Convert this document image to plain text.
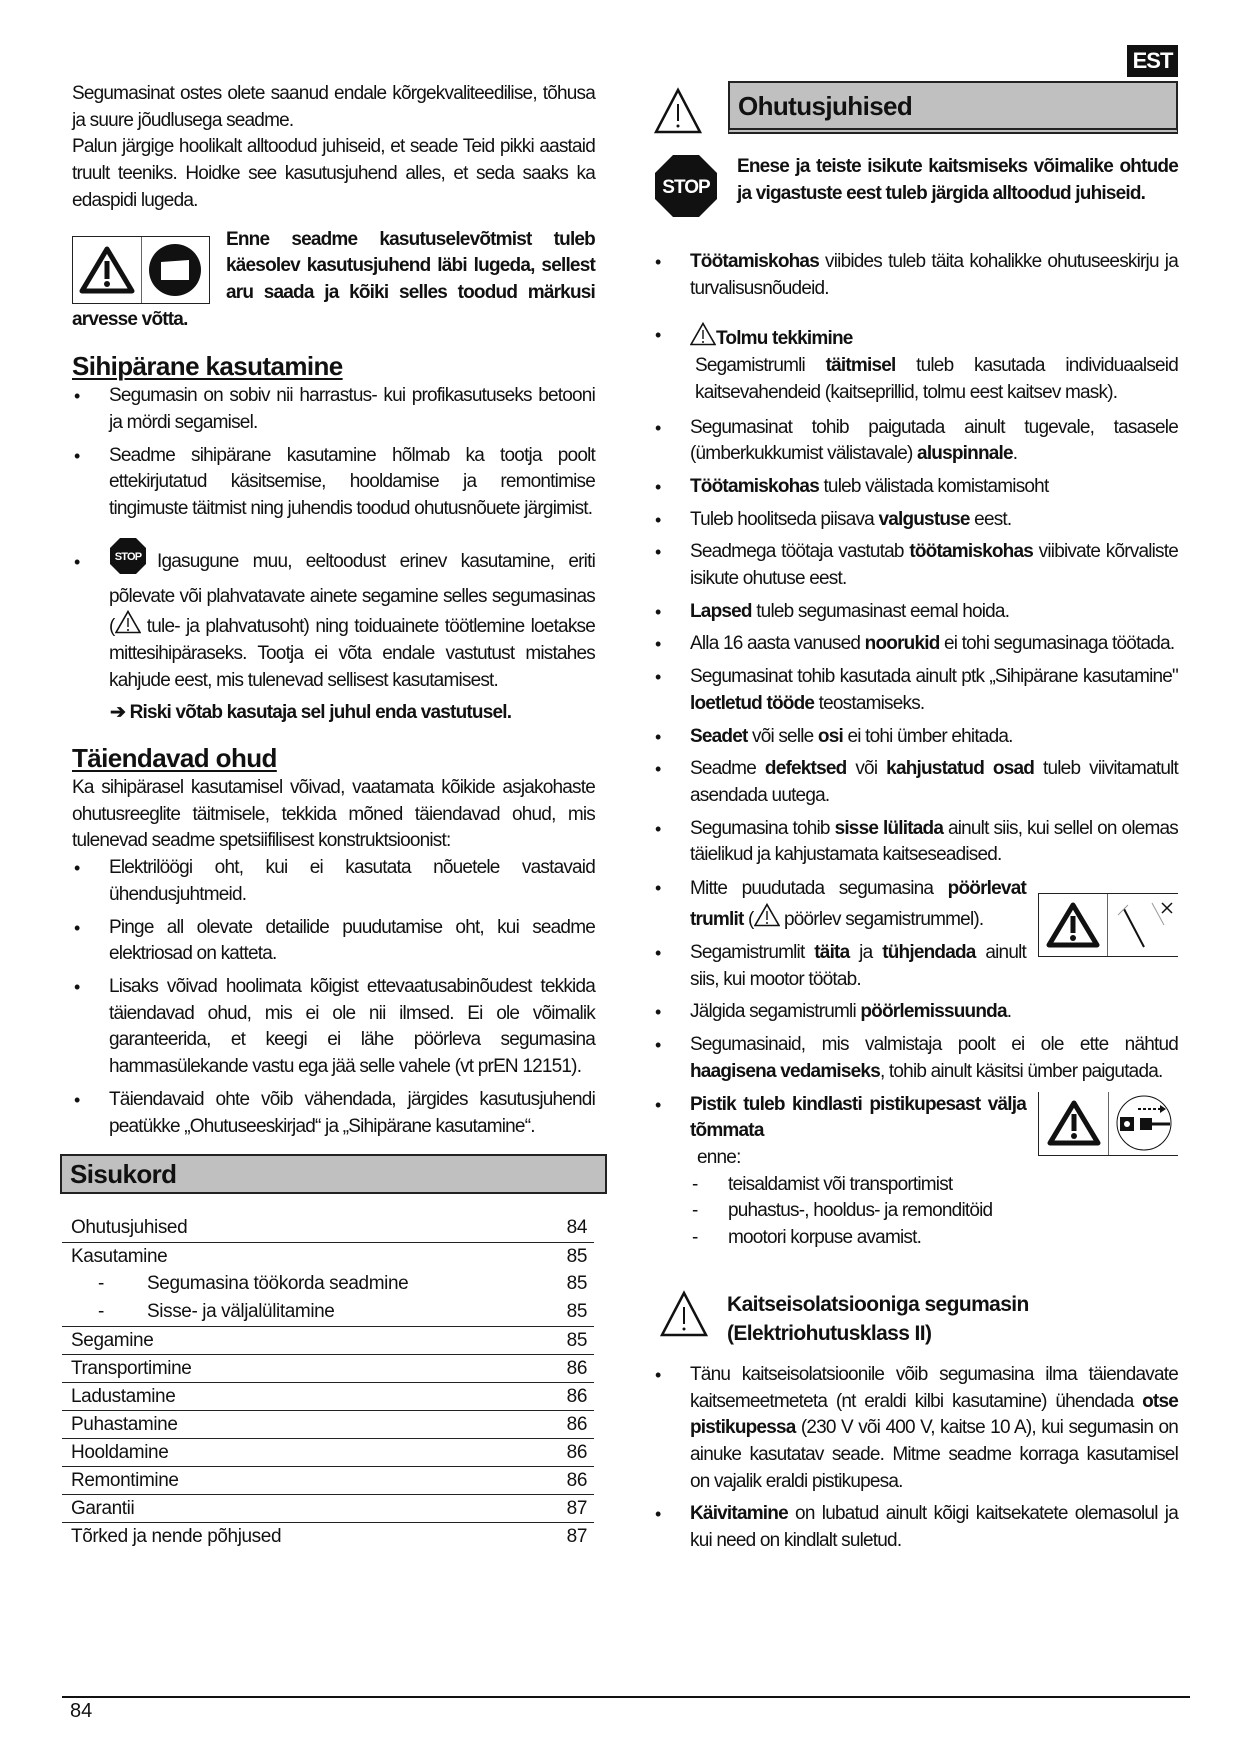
EST
Segumasinat ostes olete saanud endale kõrgekvaliteedilise, tõhusa ja suure jõudlusega seadme.
Palun järgige hoolikalt alltoodud juhiseid, et seade Teid pikki aastaid truult teeniks. Hoidke see kasutusjuhend alles, et seda saaks ka edaspidi lugeda.
Enne seadme kasutuselevõtmist tuleb käesolev kasutusjuhend läbi lugeda, sellest aru saada ja kõiki selles toodud märkusi arvesse võtta.
Sihipärane kasutamine
• Segumasin on sobiv nii harrastus- kui profikasutuseks betooni ja mördi segamisel.
• Seadme sihipärane kasutamine hõlmab ka tootja poolt ettekirjutatud käsitsemise, hooldamise ja remontimise tingimuste täitmist ning juhendis toodud ohutusnõuete järgimist.
•	STOP Igasugune muu, eeltoodust erinev kasutamine, eriti põlevate või plahvatavate ainete segamine selles segumasinas ( tule- ja plahvatusoht) ning toiduainete töötlemine loetakse mittesihipäraseks. Tootja ei võta endale vastutust mistahes kahjude eest, mis tulenevad sellisest kasutamisest.
➔ Riski võtab kasutaja sel juhul enda vastutusel.
Täiendavad ohud
Ka sihipärasel kasutamisel võivad, vaatamata kõikide asjakohaste ohutusreeglite täitmisele, tekkida mõned täiendavad ohud, mis tulenevad seadme spetsiifilisest konstruktsioonist:
• Elektrilöögi oht, kui ei kasutata nõuetele vastavaid ühendusjuhtmeid.
• Pinge all olevate detailide puudutamise oht, kui seadme elektriosad on katteta.
• Lisaks võivad hoolimata kõigist ettevaatusabinõudest tekkida täiendavad ohud, mis ei ole nii ilmsed. Ei ole võimalik garanteerida, et keegi ei lähe pöörleva segumasina hammasülekande vastu ega jää selle vahele (vt prEN 12151).
• Täiendavaid ohte võib vähendada, järgides kasutusjuhendi peatükke „Ohutuseeskirjad“ ja „Sihipärane kasutamine“.
Sisukord
Ohutusjuhised	84
Kasutamine	85
- Segumasina töökorda seadmine	85
- Sisse- ja väljalülitamine	85
Segamine	85
Transportimine	86
Ladustamine	86
Puhastamine	86
Hooldamine	86
Remontimine	86
Garantii	87
Tõrked ja nende põhjused	87
84
Ohutusjuhised
STOP
Enese ja teiste isikute kaitsmiseks võimalike ohtude ja vigastuste eest tuleb järgida alltoodud juhiseid.
• Töötamiskohas viibides tuleb täita kohalikke ohutuseeskirju ja turvalisusnõudeid.
•	Tolmu tekkimine
Segamistrumli täitmisel tuleb kasutada individuaalseid kaitsevahendeid (kaitseprillid, tolmu eest kaitsev mask).
• Segumasinat tohib paigutada ainult tugevale, tasasele (ümberkukkumist välistavale) aluspinnale.
• Töötamiskohas tuleb välistada komistamisoht
• Tuleb hoolitseda piisava valgustuse eest.
• Seadmega töötaja vastutab töötamiskohas viibivate kõrvaliste isikute ohutuse eest.
• Lapsed tuleb segumasinast eemal hoida.
• Alla 16 aasta vanused noorukid ei tohi segumasinaga töötada.
• Segumasinat tohib kasutada ainult ptk „Sihipärane kasutamine" loetletud tööde teostamiseks.
• Seadet või selle osi ei tohi ümber ehitada.
• Seadme defektsed või kahjustatud osad tuleb viivitamatult asendada uutega.
• Segumasina tohib sisse lülitada ainult siis, kui sellel on olemas täielikud ja kahjustamata kaitseseadised.
• Mitte puudutada segumasina pöörlevat trumlit ( pöörlev segamistrummel).
• Segamistrumlit täita ja tühjendada ainult siis, kui mootor töötab.
• Jälgida segamistrumli pöörlemissuunda.
• Segumasinaid, mis valmistaja poolt ei ole ette nähtud haagisena vedamiseks, tohib ainult käsitsi ümber paigutada.
• Pistik tuleb kindlasti pistikupesast välja tõmmata
enne:
- teisaldamist või transportimist
- puhastus-, hooldus- ja remonditöid
- mootori korpuse avamist.
Kaitseisolatsiooniga segumasin
(Elektriohutusklass II)
• Tänu kaitseisolatsioonile võib segumasina ilma täiendavate kaitsemeetmeteta (nt eraldi kilbi kasutamine) ühendada otse pistikupessa (230 V või 400 V, kaitse 10 A), kui segumasin on ainuke kasutatav seade. Mitme seadme korraga kasutamisel on vajalik eraldi pistikupesa.
• Käivitamine on lubatud ainult kõigi kaitsekatete olemasolul ja kui need on kindlalt suletud.
